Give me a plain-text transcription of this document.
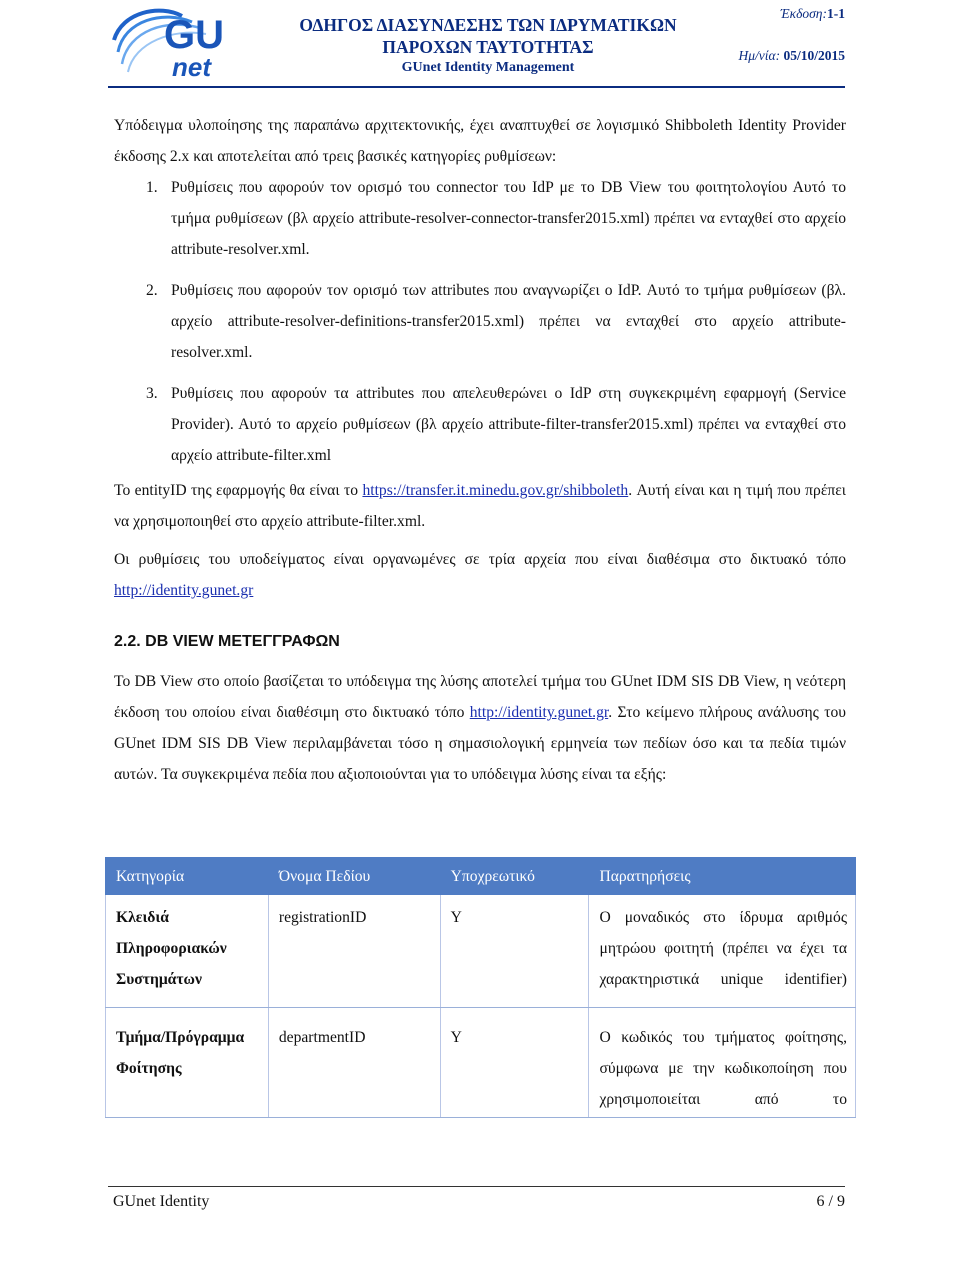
GU
net
ΟΔΗΓΟΣ ΔΙΑΣΥΝΔΕΣΗΣ ΤΩΝ ΙΔΡΥΜΑΤΙΚΩΝ
ΠΑΡΟΧΩΝ ΤΑΥΤΟΤΗΤΑΣ
GUnet Identity Management
Έκδοση:1-1
Ημ/νία: 05/10/2015

Υπόδειγμα υλοποίησης της παραπάνω αρχιτεκτονικής, έχει αναπτυχθεί σε λογισμικό Shibboleth Identity Provider έκδοσης 2.x και αποτελείται από τρεις βασικές κατηγορίες ρυθμίσεων:

1. Ρυθμίσεις που αφορούν τον ορισμό του connector του IdP με το DB View του φοιτητολογίου Αυτό το τμήμα ρυθμίσεων (βλ αρχείο attribute-resolver-connector-transfer2015.xml) πρέπει να ενταχθεί στο αρχείο attribute-resolver.xml.
2. Ρυθμίσεις που αφορούν τον ορισμό των attributes που αναγνωρίζει ο IdP. Αυτό το τμήμα ρυθμίσεων (βλ. αρχείο attribute-resolver-definitions-transfer2015.xml) πρέπει να ενταχθεί στο αρχείο attribute-resolver.xml.
3. Ρυθμίσεις που αφορούν τα attributes που απελευθερώνει ο IdP στη συγκεκριμένη εφαρμογή (Service Provider). Αυτό το αρχείο ρυθμίσεων (βλ αρχείο attribute-filter-transfer2015.xml) πρέπει να ενταχθεί στο αρχείο attribute-filter.xml

Το entityID της εφαρμογής θα είναι το https://transfer.it.minedu.gov.gr/shibboleth. Αυτή είναι και η τιμή που πρέπει να χρησιμοποιηθεί στο αρχείο attribute-filter.xml.

Οι ρυθμίσεις του υποδείγματος είναι οργανωμένες σε τρία αρχεία που είναι διαθέσιμα στο δικτυακό τόπο http://identity.gunet.gr

2.2. DB VIEW ΜΕΤΕΓΓΡΑΦΩΝ

Το DB View στο οποίο βασίζεται το υπόδειγμα της λύσης αποτελεί τμήμα του GUnet IDM SIS DB View, η νεότερη έκδοση του οποίου είναι διαθέσιμη στο δικτυακό τόπο http://identity.gunet.gr. Στο κείμενο πλήρους ανάλυσης του GUnet IDM SIS DB View περιλαμβάνεται τόσο η σημασιολογική ερμηνεία των πεδίων όσο και τα πεδία τιμών αυτών. Τα συγκεκριμένα πεδία που αξιοποιούνται για το υπόδειγμα λύσης είναι τα εξής:

Κατηγορία	Όνομα Πεδίου	Υποχρεωτικό	Παρατηρήσεις
Κλειδιά Πληροφοριακών Συστημάτων	registrationID	Y	Ο μοναδικός στο ίδρυμα αριθμός μητρώου φοιτητή (πρέπει να έχει τα χαρακτηριστικά unique identifier)
Τμήμα/Πρόγραμμα Φοίτησης	departmentID	Y	Ο κωδικός του τμήματος φοίτησης, σύμφωνα με την κωδικοποίηση που χρησιμοποιείται από το
GUnet Identity	6 / 9
